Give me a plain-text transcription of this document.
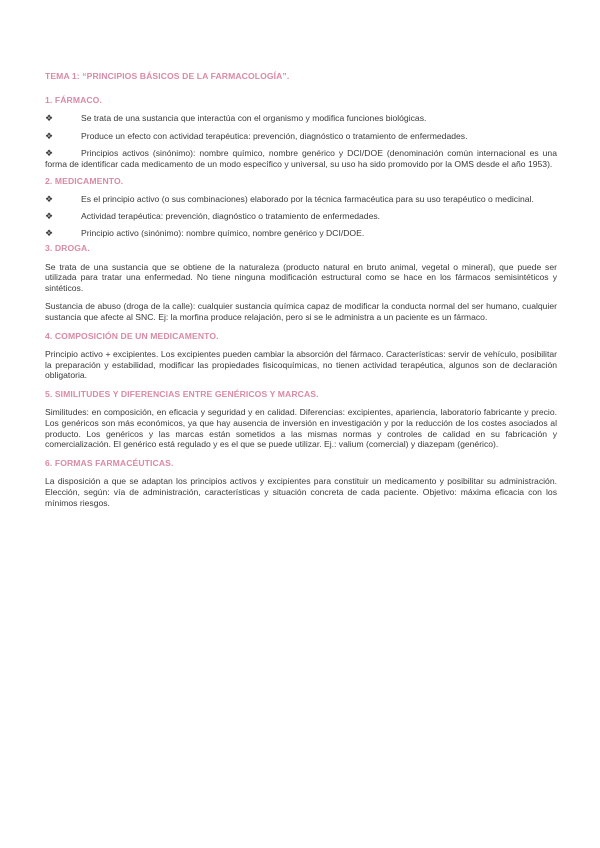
TEMA 1: “PRINCIPIOS BÁSICOS DE LA FARMACOLOGÍA”.

1. FÁRMACO.

❖	Se trata de una sustancia que interactúa con el organismo y modifica funciones biológicas.
❖	Produce un efecto con actividad terapéutica: prevención, diagnóstico o tratamiento de enfermedades.
❖	Principios activos (sinónimo): nombre químico, nombre genérico y DCI/DOE (denominación común internacional es una forma de identificar cada medicamento de un modo específico y universal, su uso ha sido promovido por la OMS desde el año 1953).

2. MEDICAMENTO.

❖	Es el principio activo (o sus combinaciones) elaborado por la técnica farmacéutica para su uso terapéutico o medicinal.
❖	Actividad terapéutica: prevención, diagnóstico o tratamiento de enfermedades.
❖	Principio activo (sinónimo): nombre químico, nombre genérico y DCI/DOE.

3. DROGA.

Se trata de una sustancia que se obtiene de la naturaleza (producto natural en bruto animal, vegetal o mineral), que puede ser utilizada para tratar una enfermedad. No tiene ninguna modificación estructural como se hace en los fármacos semisintéticos y sintéticos.

Sustancia de abuso (droga de la calle): cualquier sustancia química capaz de modificar la conducta normal del ser humano, cualquier sustancia que afecte al SNC. Ej: la morfina produce relajación, pero si se le administra a un paciente es un fármaco.

4. COMPOSICIÓN DE UN MEDICAMENTO.

Principio activo + excipientes. Los excipientes pueden cambiar la absorción del fármaco. Características: servir de vehículo, posibilitar la preparación y estabilidad, modificar las propiedades fisicoquímicas, no tienen actividad terapéutica, algunos son de declaración obligatoria.

5. SIMILITUDES Y DIFERENCIAS ENTRE GENÉRICOS Y MARCAS.

Similitudes: en composición, en eficacia y seguridad y en calidad. Diferencias: excipientes, apariencia, laboratorio fabricante y precio. Los genéricos son más económicos, ya que hay ausencia de inversión en investigación y por la reducción de los costes asociados al producto. Los genéricos y las marcas están sometidos a las mismas normas y controles de calidad en su fabricación y comercialización. El genérico está regulado y es el que se puede utilizar. Ej.: valium (comercial) y diazepam (genérico).

6. FORMAS FARMACÉUTICAS.

La disposición a que se adaptan los principios activos y excipientes para constituir un medicamento y posibilitar su administración. Elección, según: vía de administración, características y situación concreta de cada paciente. Objetivo: máxima eficacia con los mínimos riesgos.
